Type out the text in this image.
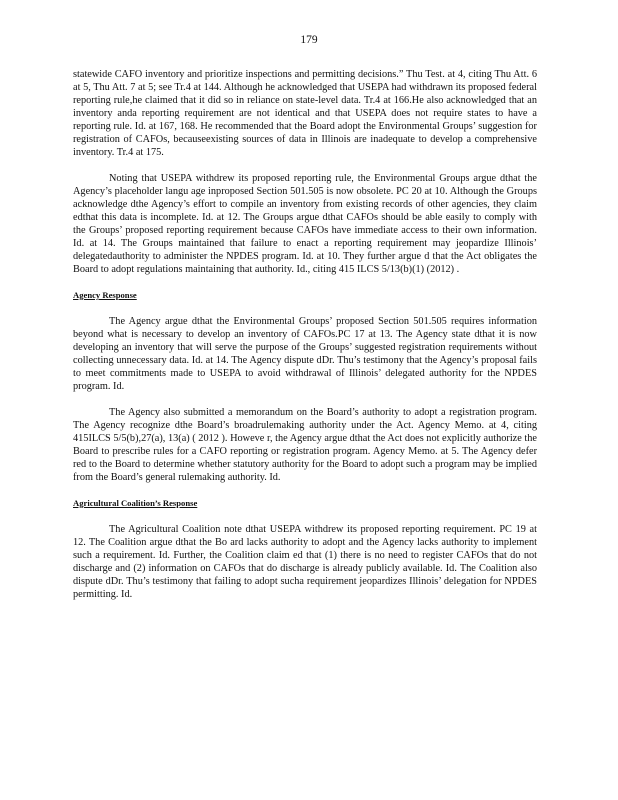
179

statewide CAFO inventory and prioritize inspections and permitting decisions.” Thu Test. at 4, citing Thu Att. 6 at 5, Thu Att. 7 at 5; see Tr.4 at 144. Although he acknowledged that USEPA had withdrawn its proposed federal reporting rule,he claimed that it did so in reliance on state-level data. Tr.4 at 166.He also acknowledged that an inventory anda reporting requirement are not identical and that USEPA does not require states to have a reporting rule. Id. at 167, 168. He recommended that the Board adopt the Environmental Groups’ suggestion for registration of CAFOs, becauseexisting sources of data in Illinois are inadequate to develop a comprehensive inventory. Tr.4 at 175.

Noting that USEPA withdrew its proposed reporting rule, the Environmental Groups argue dthat the Agency’s placeholder langu age inproposed Section 501.505 is now obsolete. PC 20 at 10. Although the Groups acknowledge dthe Agency’s effort to compile an inventory from existing records of other agencies, they claim edthat this data is incomplete. Id. at 12. The Groups argue dthat CAFOs should be able easily to comply with the Groups’ proposed reporting requirement because CAFOs have immediate access to their own information. Id. at 14. The Groups maintained that failure to enact a reporting requirement may jeopardize Illinois’ delegatedauthority to administer the NPDES program. Id. at 10. They further argue d that the Act obligates the Board to adopt regulations maintaining that authority. Id., citing 415 ILCS 5/13(b)(1) (2012) .

Agency Response

The Agency argue dthat the Environmental Groups’ proposed Section 501.505 requires information beyond what is necessary to develop an inventory of CAFOs.PC 17 at 13. The Agency state dthat it is now developing an inventory that will serve the purpose of the Groups’ suggested registration requirements without collecting unnecessary data. Id. at 14. The Agency dispute dDr. Thu’s testimony that the Agency’s proposal fails to meet commitments made to USEPA to avoid withdrawal of Illinois’ delegated authority for the NPDES program. Id.

The Agency also submitted a memorandum on the Board’s authority to adopt a registration program. The Agency recognize dthe Board’s broadrulemaking authority under the Act. Agency Memo. at 4, citing 415ILCS 5/5(b),27(a), 13(a) ( 2012 ). Howeve r, the Agency argue dthat the Act does not explicitly authorize the Board to prescribe rules for a CAFO reporting or registration program. Agency Memo. at 5. The Agency defer red to the Board to determine whether statutory authority for the Board to adopt such a program may be implied from the Board’s general rulemaking authority. Id.

Agricultural Coalition’s Response

The Agricultural Coalition note dthat USEPA withdrew its proposed reporting requirement. PC 19 at 12. The Coalition argue dthat the Bo ard lacks authority to adopt and the Agency lacks authority to implement such a requirement. Id. Further, the Coalition claim ed that (1) there is no need to register CAFOs that do not discharge and (2) information on CAFOs that do discharge is already publicly available. Id. The Coalition also dispute dDr. Thu’s testimony that failing to adopt sucha requirement jeopardizes Illinois’ delegation for NPDES permitting. Id.
